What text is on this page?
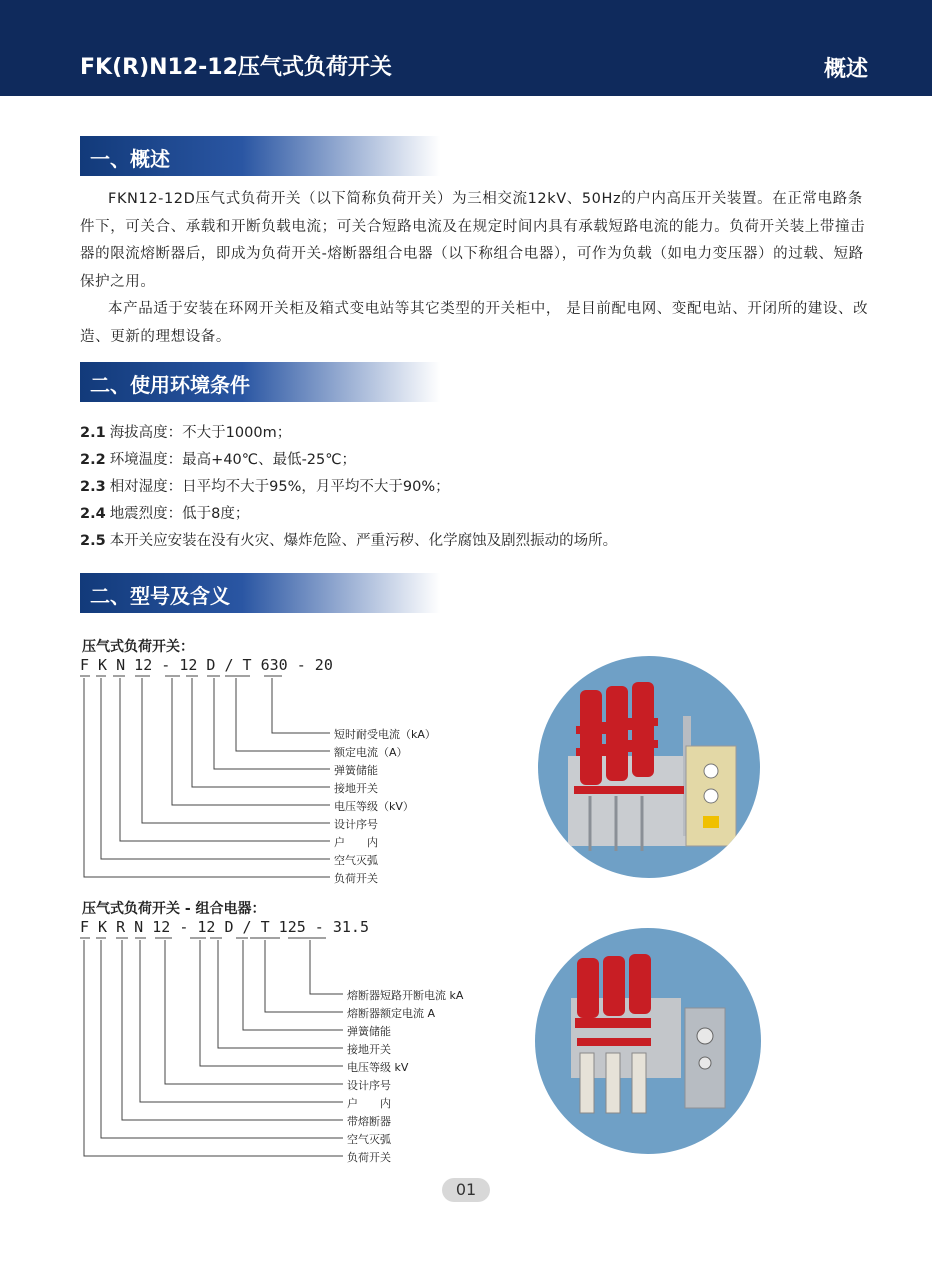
FK(R)N12-12压气式负荷开关	概述
一、概述

FKN12-12D压气式负荷开关（以下简称负荷开关）为三相交流12kV、50Hz的户内高压开关装置。在正常电路条件下，可关合、承载和开断负载电流；可关合短路电流及在规定时间内具有承载短路电流的能力。负荷开关装上带撞击器的限流熔断器后，即成为负荷开关-熔断器组合电器（以下称组合电器），可作为负载（如电力变压器）的过载、短路保护之用。

本产品适于安装在环网开关柜及箱式变电站等其它类型的开关柜中， 是目前配电网、变配电站、开闭所的建设、改造、更新的理想设备。

二、使用环境条件
2.1 海拔高度：不大于1000m；
2.2 环境温度：最高+40℃、最低-25℃；
2.3 相对湿度：日平均不大于95%，月平均不大于90%；
2.4 地震烈度：低于8度；
2.5 本开关应安装在没有火灾、爆炸危险、严重污秽、化学腐蚀及剧烈振动的场所。
二、型号及含义
压气式负荷开关：
F K N 12 - 12 D / T 630 - 20
短时耐受电流（kA）
额定电流（A）
弹簧储能
接地开关
电压等级（kV）
设计序号
户　　内
空气灭弧
负荷开关
压气式负荷开关 - 组合电器：
F K R N 12 - 12 D / T 125 - 31.5
熔断器短路开断电流 kA
熔断器额定电流 A
弹簧储能
接地开关
电压等级 kV
设计序号
户　　内
带熔断器
空气灭弧
负荷开关
01
